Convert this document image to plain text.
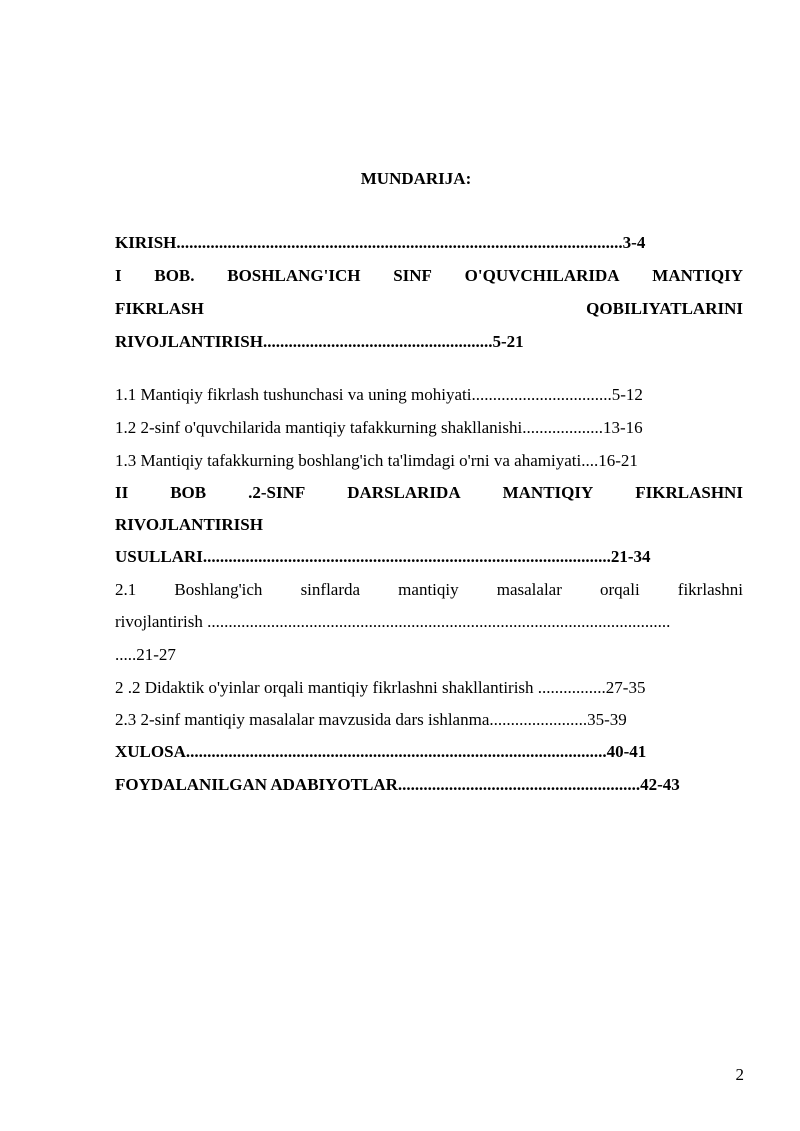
MUNDARIJA:
KIRISH.........................................................................................................3-4
I BOB. BOSHLANG'ICH SINF O'QUVCHILARIDA MANTIQIY
FIKRLASH	QOBILIYATLARINI
RIVOJLANTIRISH......................................................5-21
1.1 Mantiqiy fikrlash tushunchasi va uning mohiyati.................................5-12
1.2 2-sinf o'quvchilarida mantiqiy tafakkurning shakllanishi...................13-16
1.3 Mantiqiy tafakkurning boshlang'ich ta'limdagi o'rni va ahamiyati....16-21
II BOB .2-SINF DARSLARIDA MANTIQIY FIKRLASHNI
RIVOJLANTIRISH
USULLARI................................................................................................21-34
2.1 Boshlang'ich sinflarda mantiqiy masalalar orqali fikrlashni
rivojlantirish .............................................................................................................
.....21-27
2 .2 Didaktik o'yinlar orqali mantiqiy fikrlashni shakllantirish ................27-35
2.3 2-sinf mantiqiy masalalar mavzusida dars ishlanma.......................35-39
XULOSA...................................................................................................40-41
FOYDALANILGAN ADABIYOTLAR.........................................................42-43
2
